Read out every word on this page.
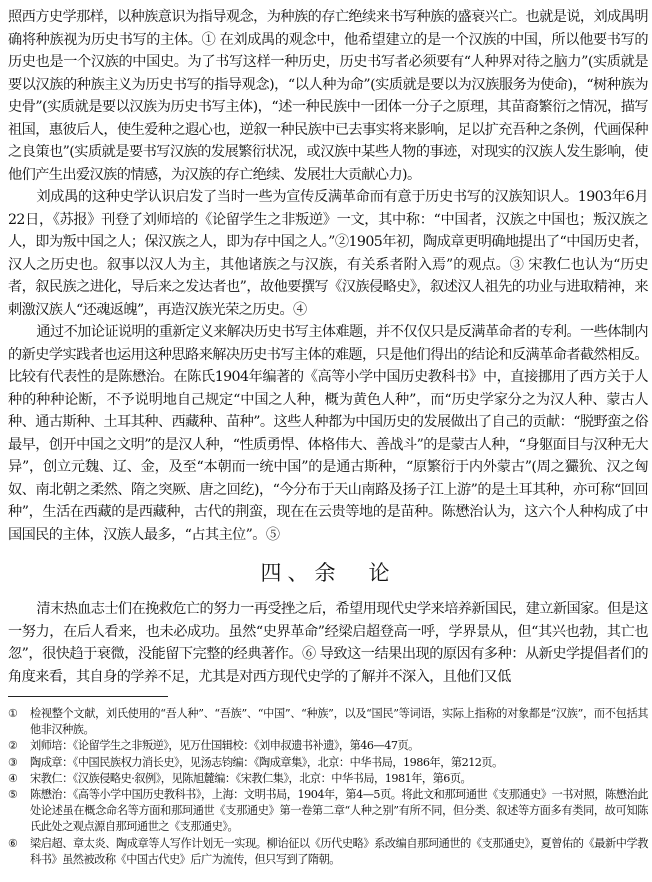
照西方史学那样，以种族意识为指导观念，为种族的存亡绝续来书写种族的盛衰兴亡。也就是说，刘成禺明确将种族视为历史书写的主体。① 在刘成禺的观念中，他希望建立的是一个汉族的中国，所以他要书写的历史也是一个汉族的中国史。为了书写这样一种历史，历史书写者必须要有“人种界对待之脑力”(实质就是要以汉族的种族主义为历史书写的指导观念)，“以人种为命”(实质就是要以为汉族服务为使命)，“树种族为史骨”(实质就是要以汉族为历史书写主体)，“述一种民族中一团体一分子之原理，其苗裔繁衍之情况，描写祖国，惠彼后人，使生爱种之遐心也，逆叙一种民族中已去事实将来影响，足以扩充吾种之条例，代画保种之良策也”(实质就是要书写汉族的发展繁衍状况，或汉族中某些人物的事迹，对现实的汉族人发生影响，使他们产生出爱汉族的情感，为汉族的存亡绝续、发展壮大贡献心力)。

刘成禺的这种史学认识启发了当时一些为宣传反满革命而有意于历史书写的汉族知识人。1903年6月22日，《苏报》刊登了刘师培的《论留学生之非叛逆》一文，其中称：“中国者，汉族之中国也；叛汉族之人，即为叛中国之人；保汉族之人，即为存中国之人。”②1905年初，陶成章更明确地提出了“中国历史者，汉人之历史也。叙事以汉人为主，其他诸族之与汉族，有关系者附入焉”的观点。③ 宋教仁也认为“历史者，叙民族之进化，导后来之发达者也”，故他要撰写《汉族侵略史》，叙述汉人祖先的功业与进取精神，来刺激汉族人“还魂返魄”，再造汉族光荣之历史。④

通过不加论证说明的重新定义来解决历史书写主体难题，并不仅仅只是反满革命者的专利。一些体制内的新史学实践者也运用这种思路来解决历史书写主体的难题，只是他们得出的结论和反满革命者截然相反。比较有代表性的是陈懋治。在陈氏1904年编著的《高等小学中国历史教科书》中，直接挪用了西方关于人种的种种论断，不予说明地自己规定“中国之人种，概为黄色人种”，而“历史学家分之为汉人种、蒙古人种、通古斯种、土耳其种、西藏种、苗种”。这些人种都为中国历史的发展做出了自己的贡献：“脱野蛮之俗最早，创开中国之文明”的是汉人种，“性质勇悍、体格伟大、善战斗”的是蒙古人种，“身躯面目与汉种无大异”，创立元魏、辽、金，及至“本朝而一统中国”的是通古斯种，“原繁衍于内外蒙古”(周之玁狁、汉之匈奴、南北朝之柔然、隋之突厥、唐之回纥)，“今分布于天山南路及扬子江上游”的是土耳其种，亦可称“回回种”，生活在西藏的是西藏种，古代的荆蛮，现在在云贵等地的是苗种。陈懋治认为，这六个人种构成了中国国民的主体，汉族人最多，“占其主位”。⑤

四、余　论

清末热血志士们在挽救危亡的努力一再受挫之后，希望用现代史学来培养新国民，建立新国家。但是这一努力，在后人看来，也未必成功。虽然“史界革命”经梁启超登高一呼，学界景从，但“其兴也勃，其亡也忽”，很快趋于衰微，没能留下完整的经典著作。⑥ 导致这一结果出现的原因有多种：从新史学提倡者们的角度来看，其自身的学养不足，尤其是对西方现代史学的了解并不深入，且他们又低

①	检视整个文献，刘氏使用的“吾人种”、“吾族”、“中国”、“种族”，以及“国民”等词语，实际上指称的对象都是“汉族”，而不包括其他非汉种族。
②	刘师培：《论留学生之非叛逆》，见万仕国辑校：《刘申叔遗书补遗》，第46—47页。
③	陶成章：《中国民族权力消长史》，见汤志钧编：《陶成章集》，北京：中华书局，1986年，第212页。
④	宋教仁：《汉族侵略史·叙例》，见陈旭麓编：《宋教仁集》，北京：中华书局，1981年，第6页。
⑤	陈懋治：《高等小学中国历史教科书》，上海：文明书局，1904年，第4—5页。将此文和那珂通世《支那通史》一书对照，陈懋治此处论述虽在概念命名等方面和那珂通世《支那通史》第一卷第二章“人种之别”有所不同，但分类、叙述等方面多有类同，故可知陈氏此处之观点源自那珂通世之《支那通史》。
⑥	梁启超、章太炎、陶成章等人写作计划无一实现。柳诒征以《历代史略》系改编自那珂通世的《支那通史》，夏曾佑的《最新中学教科书》虽然被改称《中国古代史》后广为流传，但只写到了隋朝。
